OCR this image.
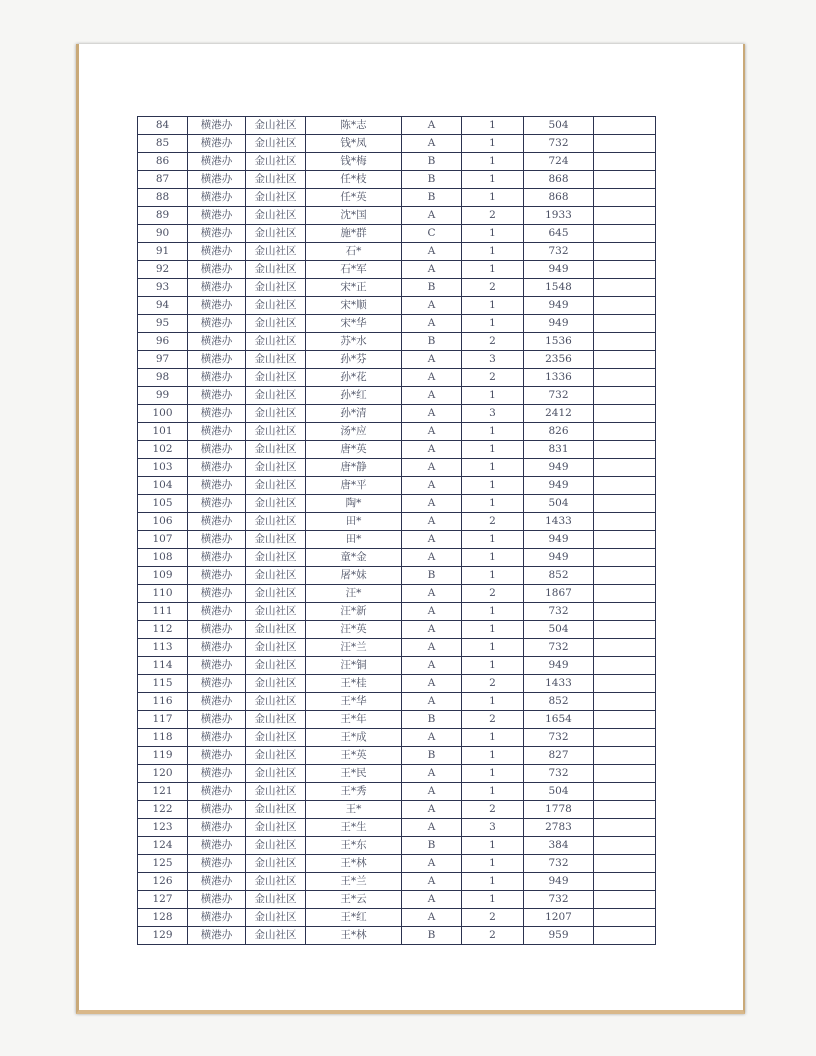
84	横港办	金山社区	陈*志	A	1	504	
85	横港办	金山社区	钱*凤	A	1	732	
86	横港办	金山社区	钱*梅	B	1	724	
87	横港办	金山社区	任*枝	B	1	868	
88	横港办	金山社区	任*英	B	1	868	
89	横港办	金山社区	沈*国	A	2	1933	
90	横港办	金山社区	施*群	C	1	645	
91	横港办	金山社区	石*	A	1	732	
92	横港办	金山社区	石*军	A	1	949	
93	横港办	金山社区	宋*正	B	2	1548	
94	横港办	金山社区	宋*顺	A	1	949	
95	横港办	金山社区	宋*华	A	1	949	
96	横港办	金山社区	苏*水	B	2	1536	
97	横港办	金山社区	孙*芬	A	3	2356	
98	横港办	金山社区	孙*花	A	2	1336	
99	横港办	金山社区	孙*红	A	1	732	
100	横港办	金山社区	孙*清	A	3	2412	
101	横港办	金山社区	汤*应	A	1	826	
102	横港办	金山社区	唐*英	A	1	831	
103	横港办	金山社区	唐*静	A	1	949	
104	横港办	金山社区	唐*平	A	1	949	
105	横港办	金山社区	陶*	A	1	504	
106	横港办	金山社区	田*	A	2	1433	
107	横港办	金山社区	田*	A	1	949	
108	横港办	金山社区	童*金	A	1	949	
109	横港办	金山社区	屠*妹	B	1	852	
110	横港办	金山社区	汪*	A	2	1867	
111	横港办	金山社区	汪*新	A	1	732	
112	横港办	金山社区	汪*英	A	1	504	
113	横港办	金山社区	汪*兰	A	1	732	
114	横港办	金山社区	汪*铜	A	1	949	
115	横港办	金山社区	王*桂	A	2	1433	
116	横港办	金山社区	王*华	A	1	852	
117	横港办	金山社区	王*年	B	2	1654	
118	横港办	金山社区	王*成	A	1	732	
119	横港办	金山社区	王*英	B	1	827	
120	横港办	金山社区	王*民	A	1	732	
121	横港办	金山社区	王*秀	A	1	504	
122	横港办	金山社区	王*	A	2	1778	
123	横港办	金山社区	王*生	A	3	2783	
124	横港办	金山社区	王*东	B	1	384	
125	横港办	金山社区	王*林	A	1	732	
126	横港办	金山社区	王*兰	A	1	949	
127	横港办	金山社区	王*云	A	1	732	
128	横港办	金山社区	王*红	A	2	1207	
129	横港办	金山社区	王*林	B	2	959	
